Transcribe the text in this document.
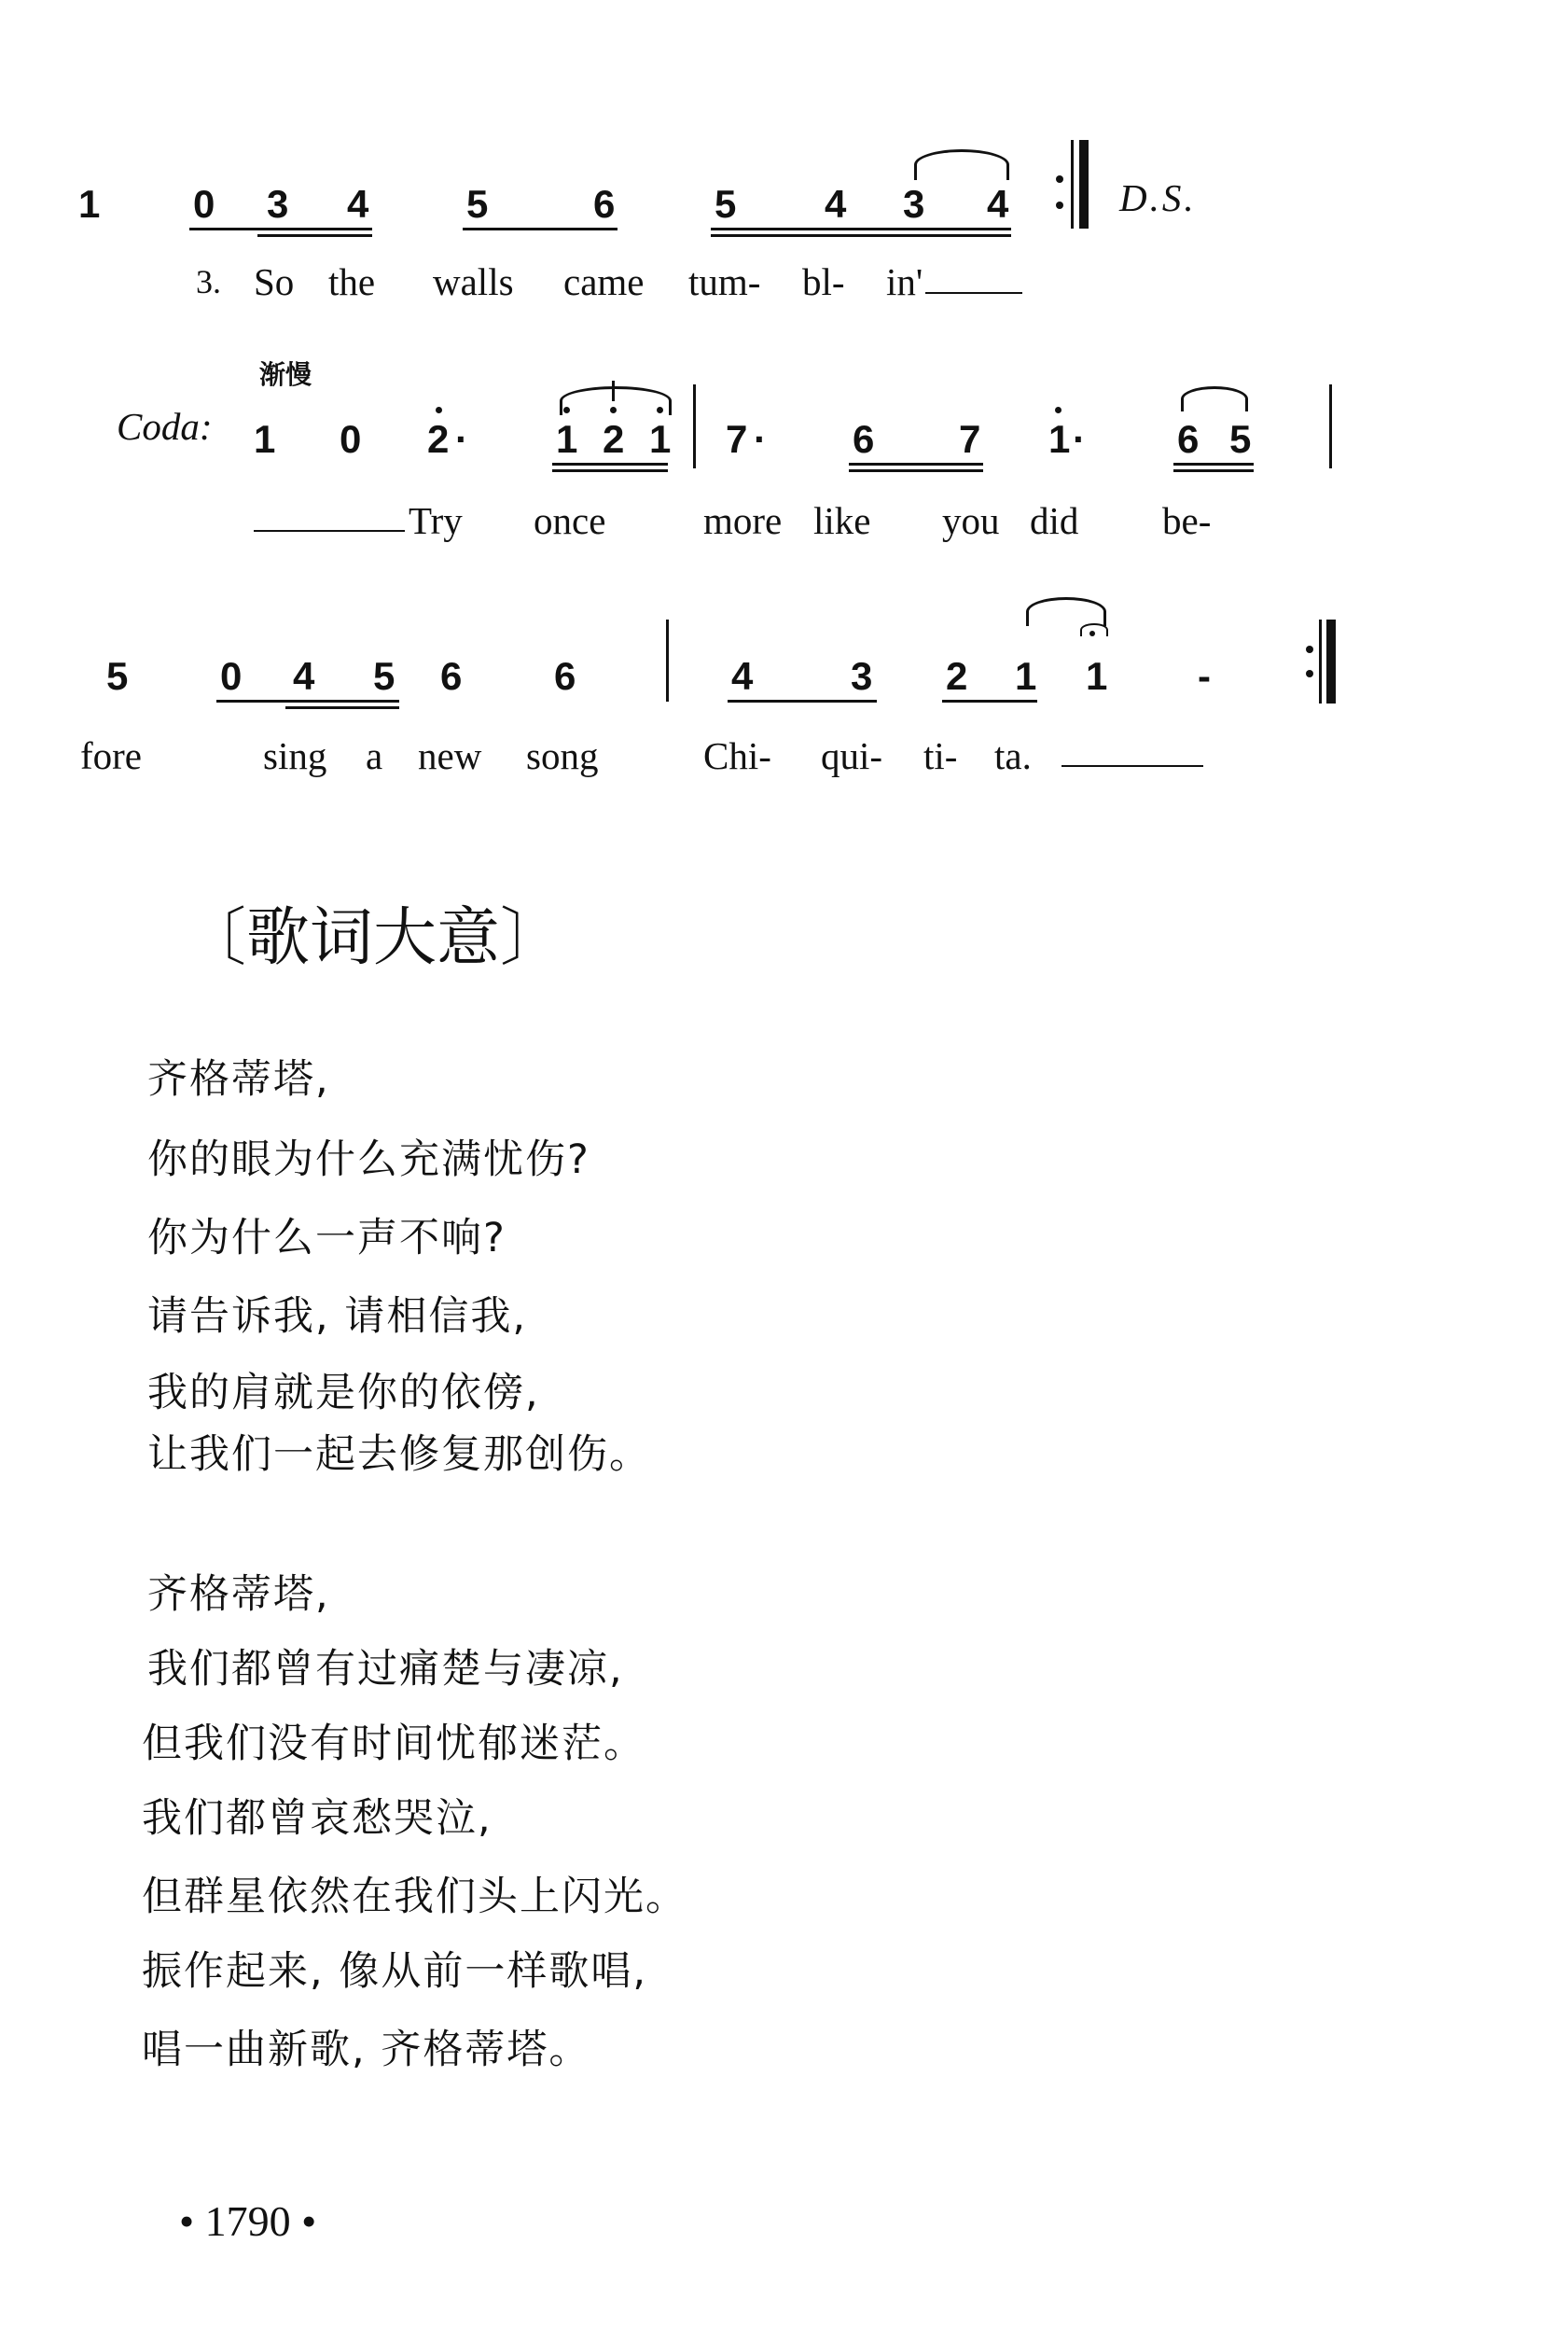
1 0 3 4 5	6	5 4 3 4	D.S.
3. So the walls came tum- bl- in'
渐慢
Coda: 1 0 2 · 1 2 1 7 · 6 7 1 · 6 5
Try once	more like you did be-
5 0 4 5 6 6	4 3 2 1 1 -
fore	sing a new song	Chi- qui- ti- ta.
〔歌词大意〕
齐格蒂塔,
你的眼为什么充满忧伤?
你为什么一声不响?
请告诉我, 请相信我,
我的肩就是你的依傍,
让我们一起去修复那创伤。
齐格蒂塔,
我们都曾有过痛楚与凄凉,
但我们没有时间忧郁迷茫。
我们都曾哀愁哭泣,
但群星依然在我们头上闪光。
振作起来, 像从前一样歌唱,
唱一曲新歌, 齐格蒂塔。
• 1790 •
